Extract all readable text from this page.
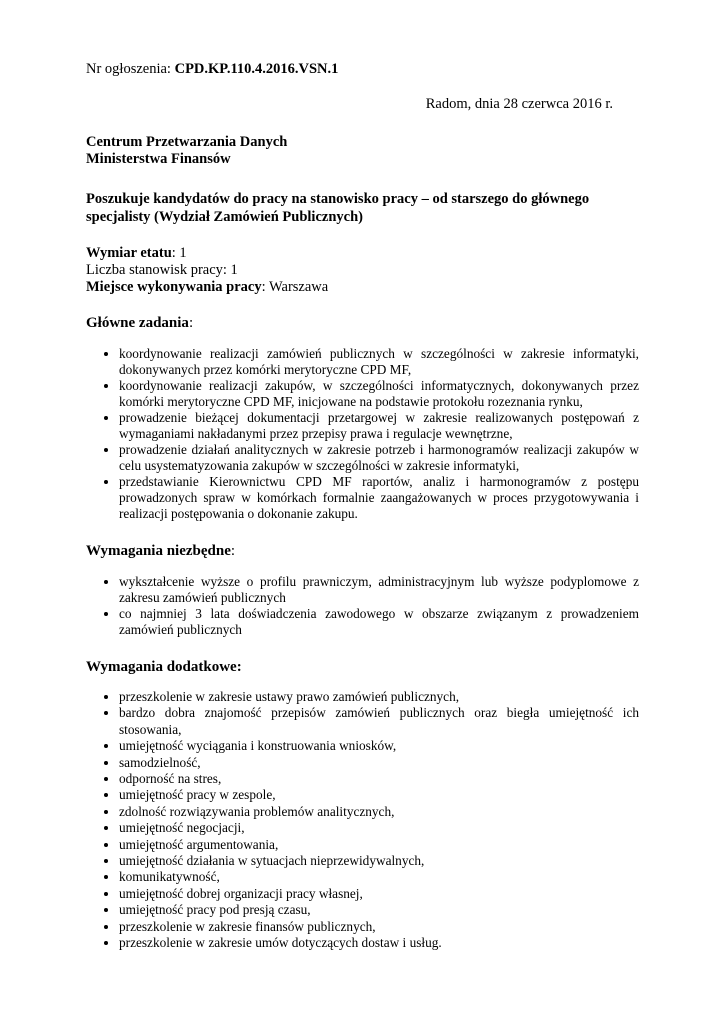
Nr ogłoszenia: CPD.KP.110.4.2016.VSN.1

Radom, dnia 28 czerwca 2016 r.

Centrum Przetwarzania Danych
Ministerstwa Finansów

Poszukuje kandydatów do pracy na stanowisko pracy – od starszego do głównego specjalisty (Wydział Zamówień Publicznych)

Wymiar etatu: 1
Liczba stanowisk pracy: 1
Miejsce wykonywania pracy: Warszawa

Główne zadania:

• koordynowanie realizacji zamówień publicznych w szczególności w zakresie informatyki, dokonywanych przez komórki merytoryczne CPD MF,
• koordynowanie realizacji zakupów, w szczególności informatycznych, dokonywanych przez komórki merytoryczne CPD MF, inicjowane na podstawie protokołu rozeznania rynku,
• prowadzenie bieżącej dokumentacji przetargowej w zakresie realizowanych postępowań z wymaganiami nakładanymi przez przepisy prawa i regulacje wewnętrzne,
• prowadzenie działań analitycznych w zakresie potrzeb i harmonogramów realizacji zakupów w celu usystematyzowania zakupów w szczególności w zakresie informatyki,
• przedstawianie Kierownictwu CPD MF raportów, analiz i harmonogramów z postępu prowadzonych spraw w komórkach formalnie zaangażowanych w proces przygotowywania i realizacji postępowania o dokonanie zakupu.

Wymagania niezbędne:

• wykształcenie wyższe o profilu prawniczym, administracyjnym lub wyższe podyplomowe z zakresu zamówień publicznych
• co najmniej 3 lata doświadczenia zawodowego w obszarze związanym z prowadzeniem zamówień publicznych

Wymagania dodatkowe:

• przeszkolenie w zakresie ustawy prawo zamówień publicznych,
• bardzo dobra znajomość przepisów zamówień publicznych oraz biegła umiejętność ich stosowania,
• umiejętność wyciągania i konstruowania wniosków,
• samodzielność,
• odporność na stres,
• umiejętność pracy w zespole,
• zdolność rozwiązywania problemów analitycznych,
• umiejętność negocjacji,
• umiejętność argumentowania,
• umiejętność działania w sytuacjach nieprzewidywalnych,
• komunikatywność,
• umiejętność dobrej organizacji pracy własnej,
• umiejętność pracy pod presją czasu,
• przeszkolenie w zakresie finansów publicznych,
• przeszkolenie w zakresie umów dotyczących dostaw i usług.
